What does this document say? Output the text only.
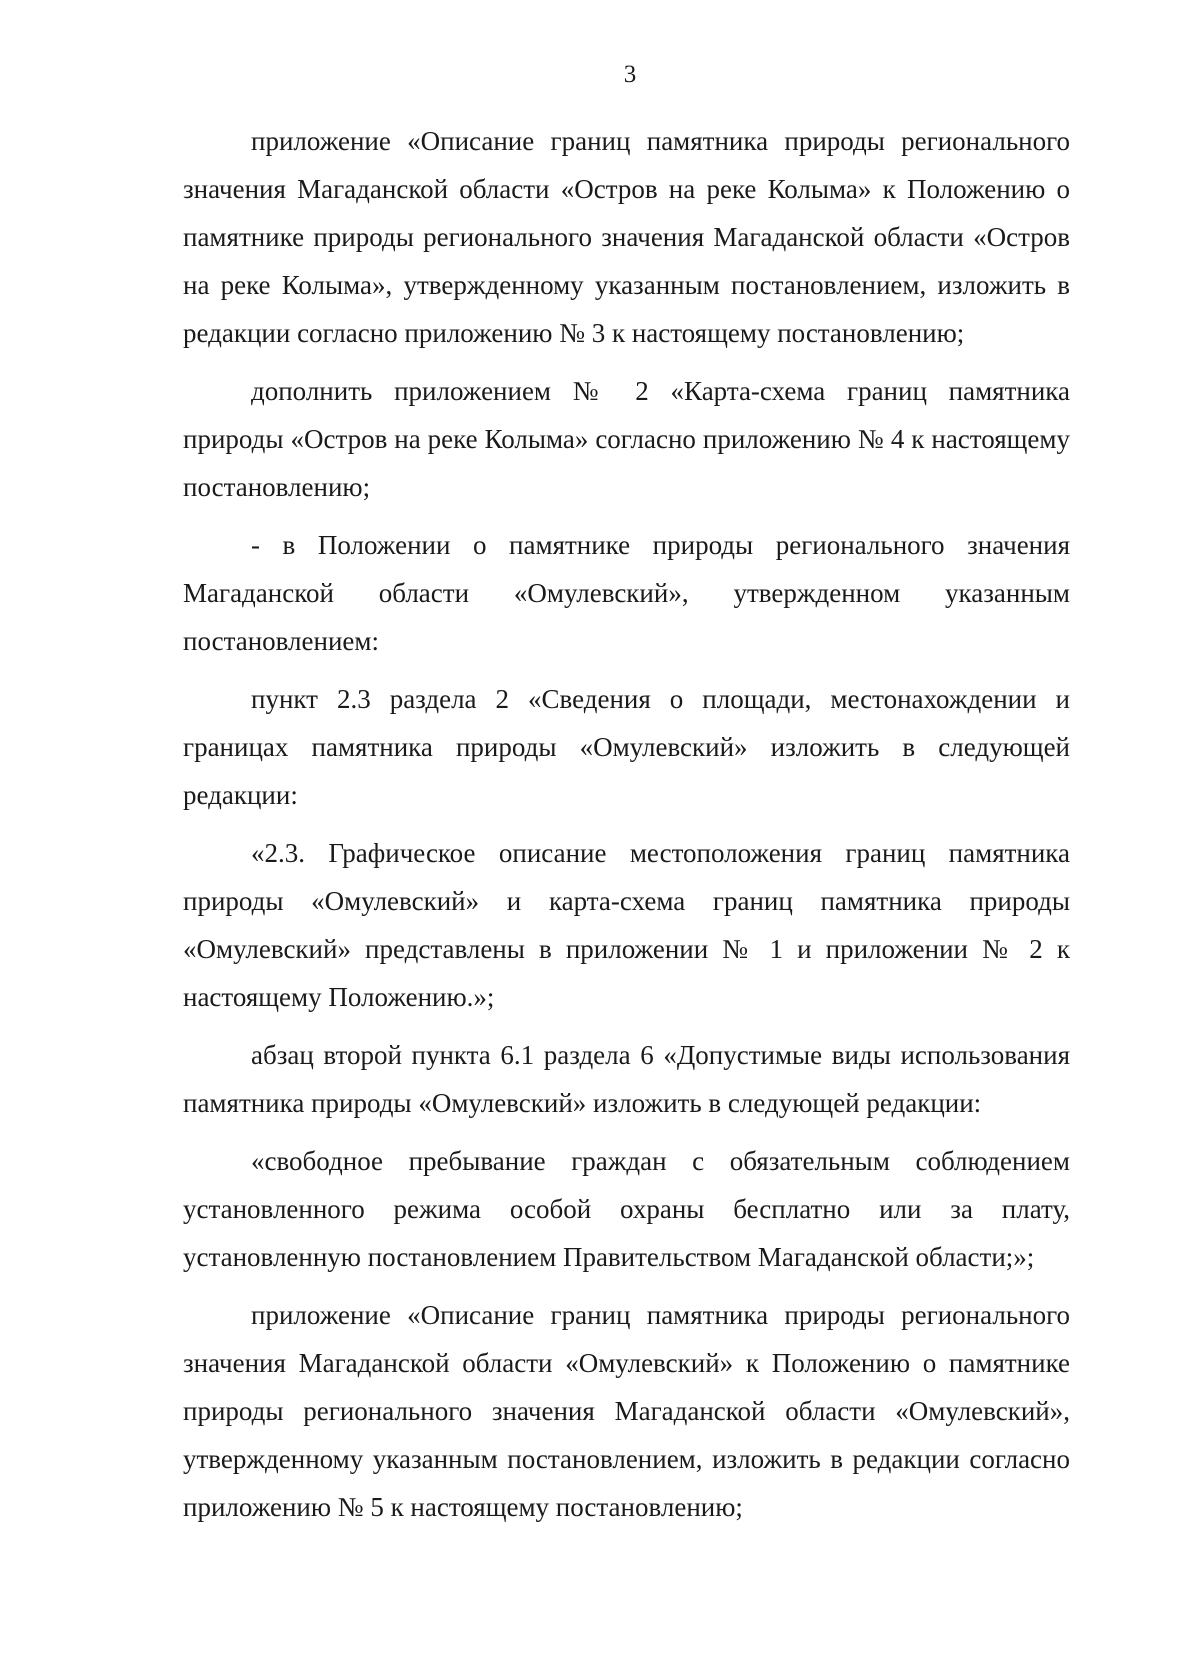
3

приложение «Описание границ памятника природы регионального значения Магаданской области «Остров на реке Колыма» к Положению о памятнике природы регионального значения Магаданской области «Остров на реке Колыма», утвержденному указанным постановлением, изложить в редакции согласно приложению № 3 к настоящему постановлению;

дополнить приложением № 2 «Карта-схема границ памятника природы «Остров на реке Колыма» согласно приложению № 4 к настоящему постановлению;

- в Положении о памятнике природы регионального значения Магаданской области «Омулевский», утвержденном указанным постановлением:

пункт 2.3 раздела 2 «Сведения о площади, местонахождении и границах памятника природы «Омулевский» изложить в следующей редакции:

«2.3. Графическое описание местоположения границ памятника природы «Омулевский» и карта-схема границ памятника природы «Омулевский» представлены в приложении № 1 и приложении № 2 к настоящему Положению.»;

абзац второй пункта 6.1 раздела 6 «Допустимые виды использования памятника природы «Омулевский» изложить в следующей редакции:

«свободное пребывание граждан с обязательным соблюдением установленного режима особой охраны бесплатно или за плату, установленную постановлением Правительством Магаданской области;»;

приложение «Описание границ памятника природы регионального значения Магаданской области «Омулевский» к Положению о памятнике природы регионального значения Магаданской области «Омулевский», утвержденному указанным постановлением, изложить в редакции согласно приложению № 5 к настоящему постановлению;
